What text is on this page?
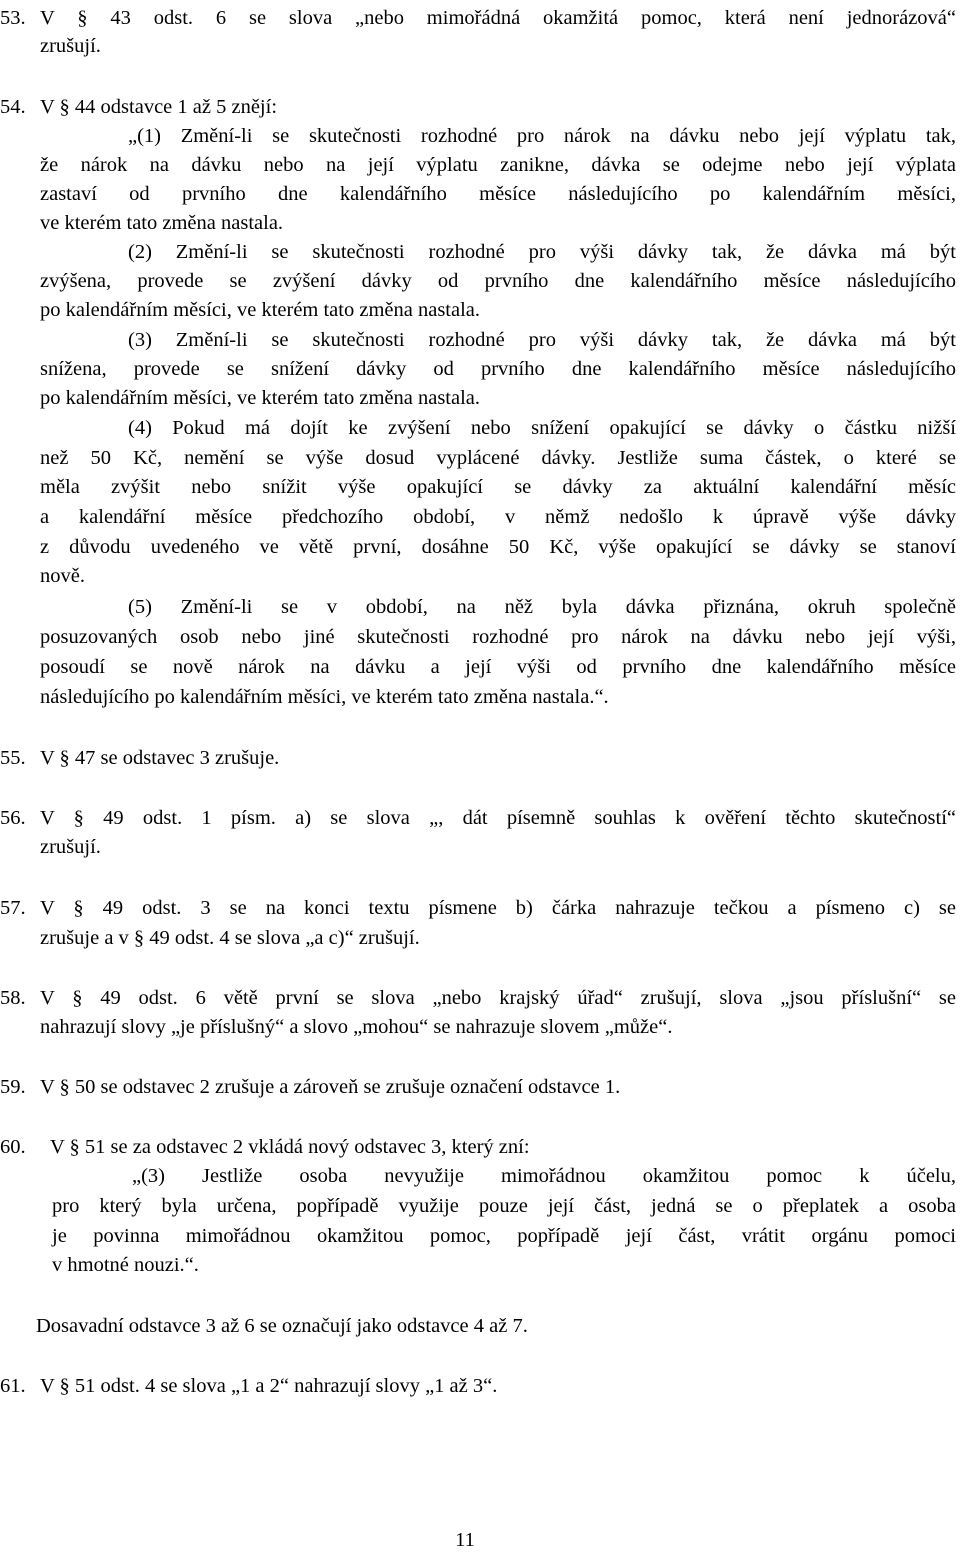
53. V § 43 odst. 6 se slova „nebo mimořádná okamžitá pomoc, která není jednorázová“
zrušují.
54. V § 44 odstavce 1 až 5 znějí:
„(1) Změní-li se skutečnosti rozhodné pro nárok na dávku nebo její výplatu tak,
že nárok na dávku nebo na její výplatu zanikne, dávka se odejme nebo její výplata
zastaví od prvního dne kalendářního měsíce následujícího po kalendářním měsíci,
ve kterém tato změna nastala.
(2) Změní-li se skutečnosti rozhodné pro výši dávky tak, že dávka má být
zvýšena, provede se zvýšení dávky od prvního dne kalendářního měsíce následujícího
po kalendářním měsíci, ve kterém tato změna nastala.
(3) Změní-li se skutečnosti rozhodné pro výši dávky tak, že dávka má být
snížena, provede se snížení dávky od prvního dne kalendářního měsíce následujícího
po kalendářním měsíci, ve kterém tato změna nastala.
(4) Pokud má dojít ke zvýšení nebo snížení opakující se dávky o částku nižší
než 50 Kč, nemění se výše dosud vyplácené dávky. Jestliže suma částek, o které se
měla zvýšit nebo snížit výše opakující se dávky za aktuální kalendářní měsíc
a kalendářní měsíce předchozího období, v němž nedošlo k úpravě výše dávky
z důvodu uvedeného ve větě první, dosáhne 50 Kč, výše opakující se dávky se stanoví
nově.
(5) Změní-li se v období, na něž byla dávka přiznána, okruh společně
posuzovaných osob nebo jiné skutečnosti rozhodné pro nárok na dávku nebo její výši,
posoudí se nově nárok na dávku a její výši od prvního dne kalendářního měsíce
následujícího po kalendářním měsíci, ve kterém tato změna nastala.“.
55. V § 47 se odstavec 3 zrušuje.
56. V § 49 odst. 1 písm. a) se slova „, dát písemně souhlas k ověření těchto skutečností“
zrušují.
57. V § 49 odst. 3 se na konci textu písmene b) čárka nahrazuje tečkou a písmeno c) se
zrušuje a v § 49 odst. 4 se slova „a c)“ zrušují.
58. V § 49 odst. 6 větě první se slova „nebo krajský úřad“ zrušují, slova „jsou příslušní“ se
nahrazují slovy „je příslušný“ a slovo „mohou“ se nahrazuje slovem „může“.
59. V § 50 se odstavec 2 zrušuje a zároveň se zrušuje označení odstavce 1.
60. V § 51 se za odstavec 2 vkládá nový odstavec 3, který zní:
„(3) Jestliže osoba nevyužije mimořádnou okamžitou pomoc k účelu,
pro který byla určena, popřípadě využije pouze její část, jedná se o přeplatek a osoba
je povinna mimořádnou okamžitou pomoc, popřípadě její část, vrátit orgánu pomoci
v hmotné nouzi.“.
Dosavadní odstavce 3 až 6 se označují jako odstavce 4 až 7.
61. V § 51 odst. 4 se slova „1 a 2“ nahrazují slovy „1 až 3“.
11
